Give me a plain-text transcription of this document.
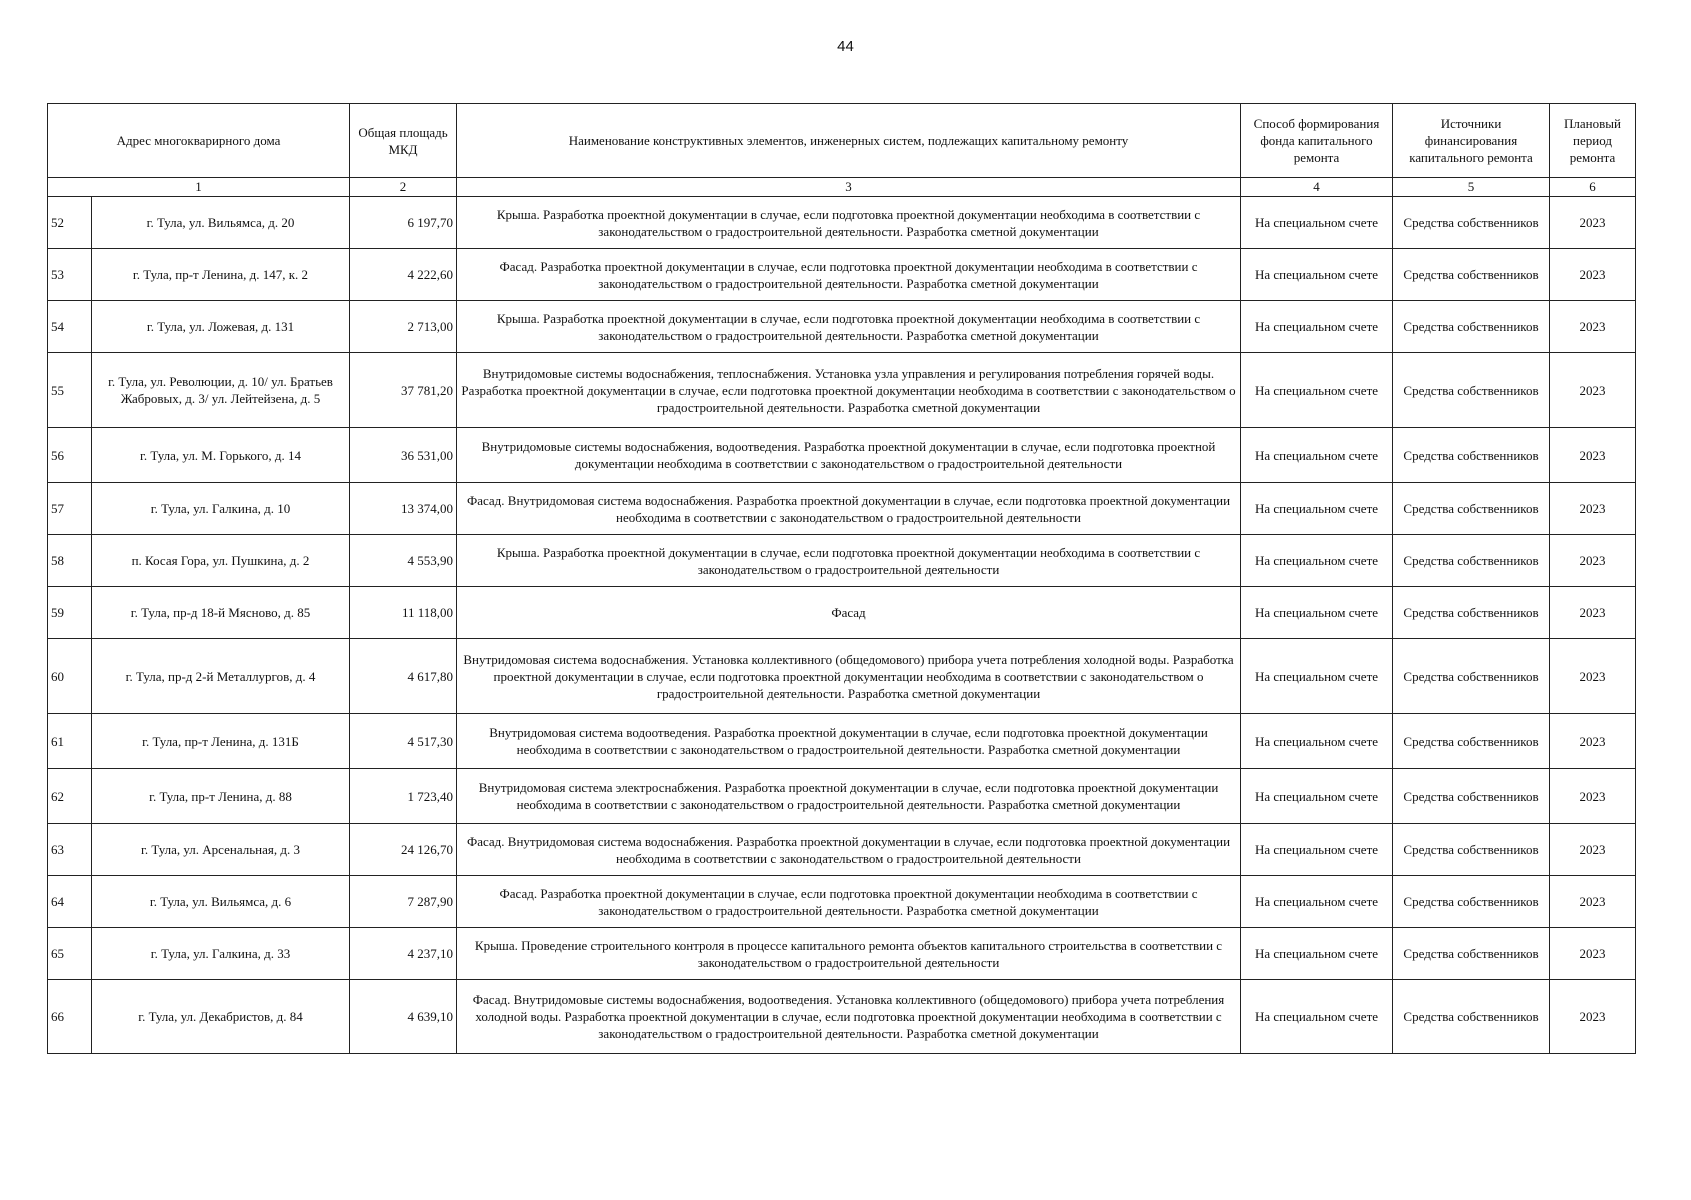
44
Адрес многокварирного дома		Общая площадь МКД	Наименование конструктивных элементов, инженерных систем, подлежащих капитальному ремонту	Способ формирования фонда капитального ремонта	Источники финансирования капитального ремонта	Плановый период ремонта
1		2	3	4	5	6
52	г. Тула, ул. Вильямса, д. 20	6 197,70	Крыша. Разработка проектной документации в случае, если подготовка проектной документации необходима в соответствии с законодательством о градостроительной деятельности. Разработка сметной документации	На специальном счете	Средства собственников	2023
53	г. Тула, пр-т Ленина, д. 147, к. 2	4 222,60	Фасад. Разработка проектной документации в случае, если подготовка проектной документации необходима в соответствии с законодательством о градостроительной деятельности. Разработка сметной документации	На специальном счете	Средства собственников	2023
54	г. Тула, ул. Ложевая, д. 131	2 713,00	Крыша. Разработка проектной документации в случае, если подготовка проектной документации необходима в соответствии с законодательством о градостроительной деятельности. Разработка сметной документации	На специальном счете	Средства собственников	2023
55	г. Тула, ул. Революции, д. 10/ ул. Братьев Жабровых, д. 3/ ул. Лейтейзена, д. 5	37 781,20	Внутридомовые системы водоснабжения, теплоснабжения. Установка узла управления и регулирования потребления горячей воды. Разработка проектной документации в случае, если подготовка проектной документации необходима в соответствии с законодательством о градостроительной деятельности. Разработка сметной документации	На специальном счете	Средства собственников	2023
56	г. Тула, ул. М. Горького, д. 14	36 531,00	Внутридомовые системы водоснабжения, водоотведения. Разработка проектной документации в случае, если подготовка проектной документации необходима в соответствии с законодательством о градостроительной деятельности	На специальном счете	Средства собственников	2023
57	г. Тула, ул. Галкина, д. 10	13 374,00	Фасад. Внутридомовая система водоснабжения. Разработка проектной документации в случае, если подготовка проектной документации необходима в соответствии с законодательством о градостроительной деятельности	На специальном счете	Средства собственников	2023
58	п. Косая Гора, ул. Пушкина, д. 2	4 553,90	Крыша. Разработка проектной документации в случае, если подготовка проектной документации необходима в соответствии с законодательством о градостроительной деятельности	На специальном счете	Средства собственников	2023
59	г. Тула, пр-д 18-й Мясново, д. 85	11 118,00	Фасад	На специальном счете	Средства собственников	2023
60	г. Тула, пр-д 2-й Металлургов, д. 4	4 617,80	Внутридомовая система водоснабжения. Установка коллективного (общедомового) прибора учета потребления холодной воды. Разработка проектной документации в случае, если подготовка проектной документации необходима в соответствии с законодательством о градостроительной деятельности. Разработка сметной документации	На специальном счете	Средства собственников	2023
61	г. Тула, пр-т Ленина, д. 131Б	4 517,30	Внутридомовая система водоотведения. Разработка проектной документации в случае, если подготовка проектной документации необходима в соответствии с законодательством о градостроительной деятельности. Разработка сметной документации	На специальном счете	Средства собственников	2023
62	г. Тула, пр-т Ленина, д. 88	1 723,40	Внутридомовая система электроснабжения. Разработка проектной документации в случае, если подготовка проектной документации необходима в соответствии с законодательством о градостроительной деятельности. Разработка сметной документации	На специальном счете	Средства собственников	2023
63	г. Тула, ул. Арсенальная, д. 3	24 126,70	Фасад. Внутридомовая система водоснабжения. Разработка проектной документации в случае, если подготовка проектной документации необходима в соответствии с законодательством о градостроительной деятельности	На специальном счете	Средства собственников	2023
64	г. Тула, ул. Вильямса, д. 6	7 287,90	Фасад. Разработка проектной документации в случае, если подготовка проектной документации необходима в соответствии с законодательством о градостроительной деятельности. Разработка сметной документации	На специальном счете	Средства собственников	2023
65	г. Тула, ул. Галкина, д. 33	4 237,10	Крыша. Проведение строительного контроля в процессе капитального ремонта объектов капитального строительства в соответствии с законодательством о градостроительной деятельности	На специальном счете	Средства собственников	2023
66	г. Тула, ул. Декабристов, д. 84	4 639,10	Фасад. Внутридомовые системы водоснабжения, водоотведения. Установка коллективного (общедомового) прибора учета потребления холодной воды. Разработка проектной документации в случае, если подготовка проектной документации необходима в соответствии с законодательством о градостроительной деятельности. Разработка сметной документации	На специальном счете	Средства собственников	2023
